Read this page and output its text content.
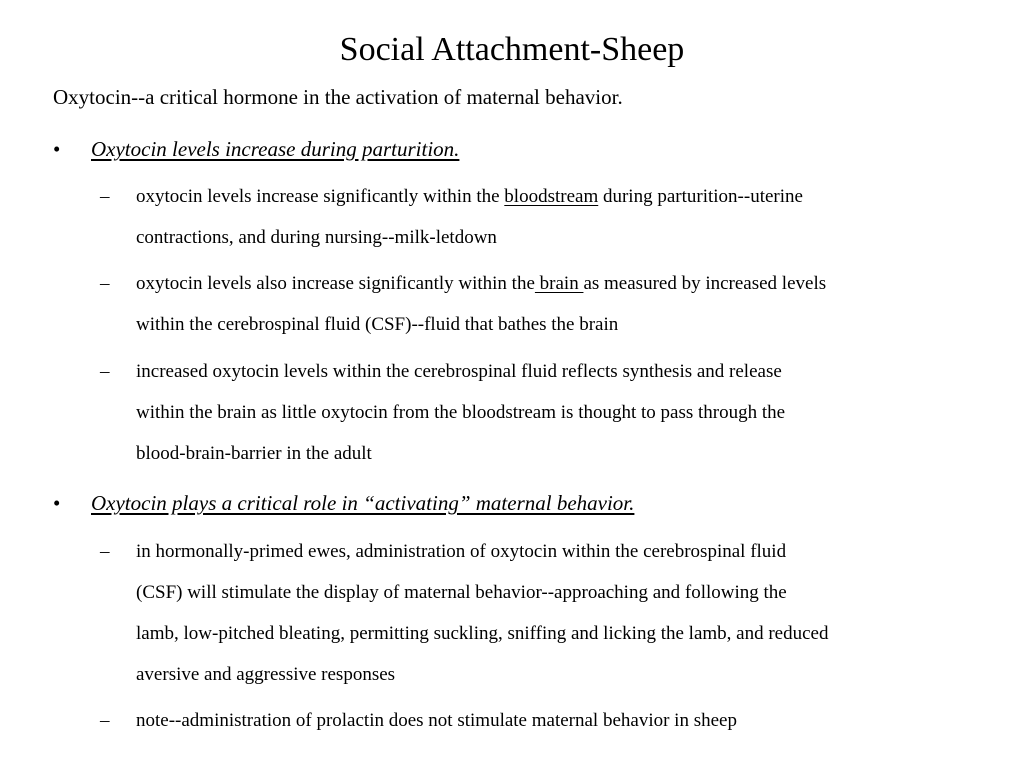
Social Attachment-Sheep
Oxytocin--a critical hormone in the activation of maternal behavior.
• Oxytocin levels increase during parturition.
– oxytocin levels increase significantly within the bloodstream during parturition--uterine
contractions, and during nursing--milk-letdown
– oxytocin levels also increase significantly within the brain as measured by increased levels
within the cerebrospinal fluid (CSF)--fluid that bathes the brain
– increased oxytocin levels within the cerebrospinal fluid reflects synthesis and release
within the brain as little oxytocin from the bloodstream is thought to pass through the
blood-brain-barrier in the adult
• Oxytocin plays a critical role in “activating” maternal behavior.
– in hormonally-primed ewes, administration of oxytocin within the cerebrospinal fluid
(CSF) will stimulate the display of maternal behavior--approaching and following the
lamb, low-pitched bleating, permitting suckling, sniffing and licking the lamb, and reduced
aversive and aggressive responses
– note--administration of prolactin does not stimulate maternal behavior in sheep
